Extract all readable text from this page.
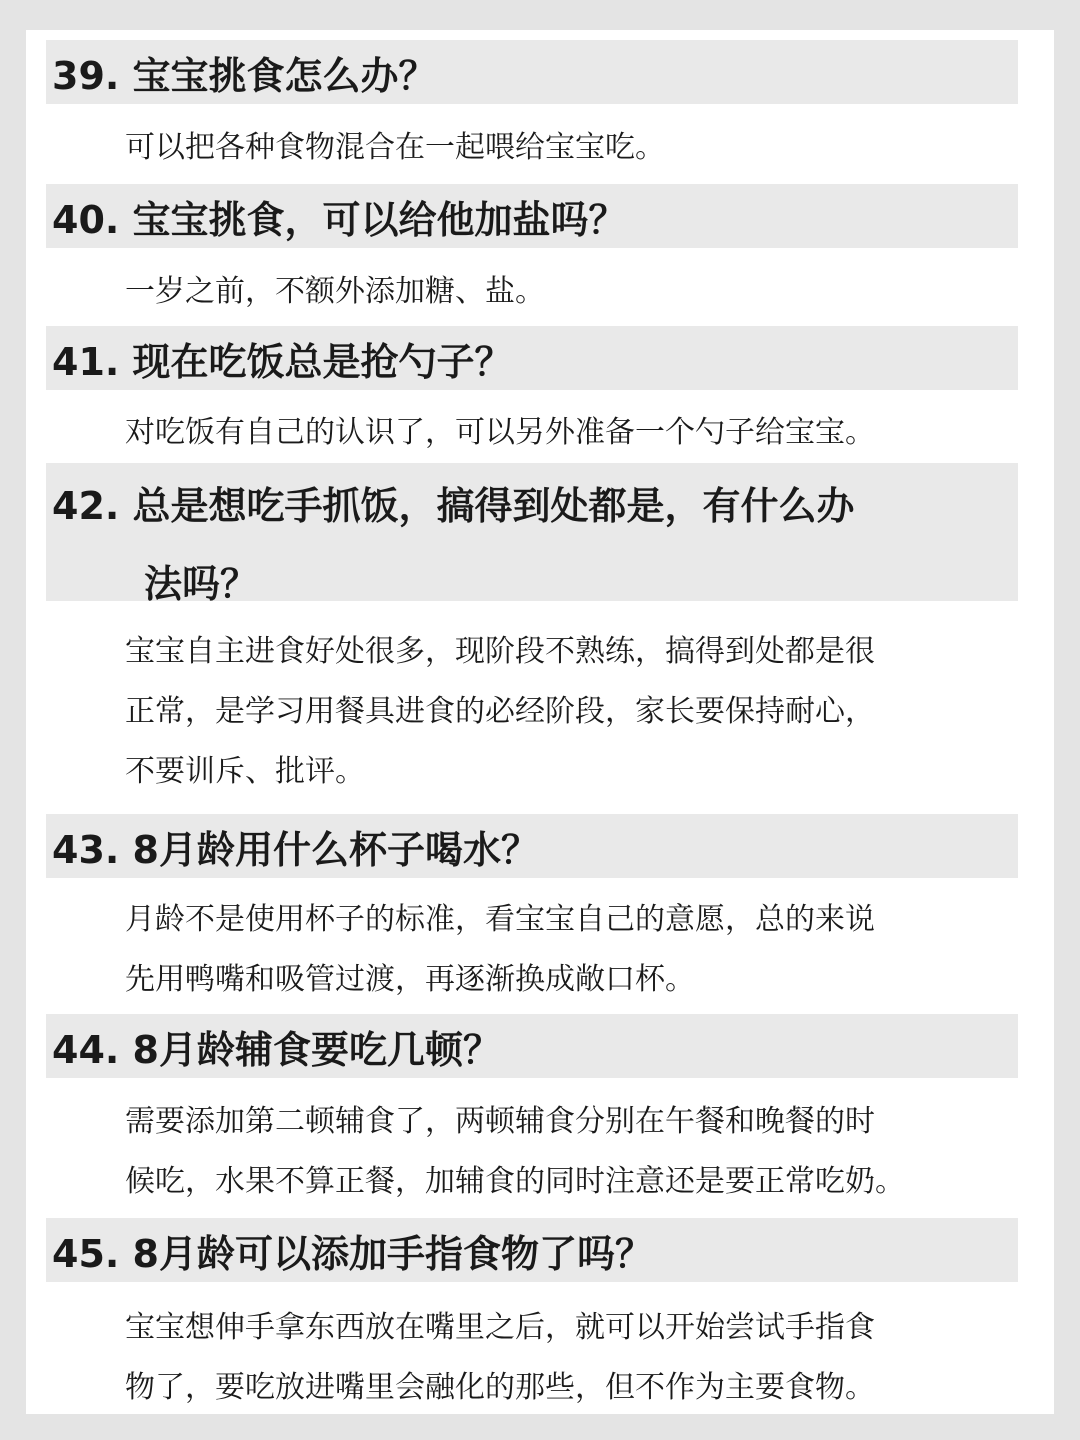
39. 宝宝挑食怎么办？
可以把各种食物混合在一起喂给宝宝吃。
40. 宝宝挑食，可以给他加盐吗？
一岁之前，不额外添加糖、盐。
41. 现在吃饭总是抢勺子？
对吃饭有自己的认识了，可以另外准备一个勺子给宝宝。
42. 总是想吃手抓饭，搞得到处都是，有什么办
法吗？
宝宝自主进食好处很多，现阶段不熟练，搞得到处都是很
正常，是学习用餐具进食的必经阶段，家长要保持耐心，
不要训斥、批评。
43. 8月龄用什么杯子喝水？
月龄不是使用杯子的标准，看宝宝自己的意愿，总的来说
先用鸭嘴和吸管过渡，再逐渐换成敞口杯。
44. 8月龄辅食要吃几顿？
需要添加第二顿辅食了，两顿辅食分别在午餐和晚餐的时
候吃，水果不算正餐，加辅食的同时注意还是要正常吃奶。
45. 8月龄可以添加手指食物了吗？
宝宝想伸手拿东西放在嘴里之后，就可以开始尝试手指食
物了，要吃放进嘴里会融化的那些，但不作为主要食物。
